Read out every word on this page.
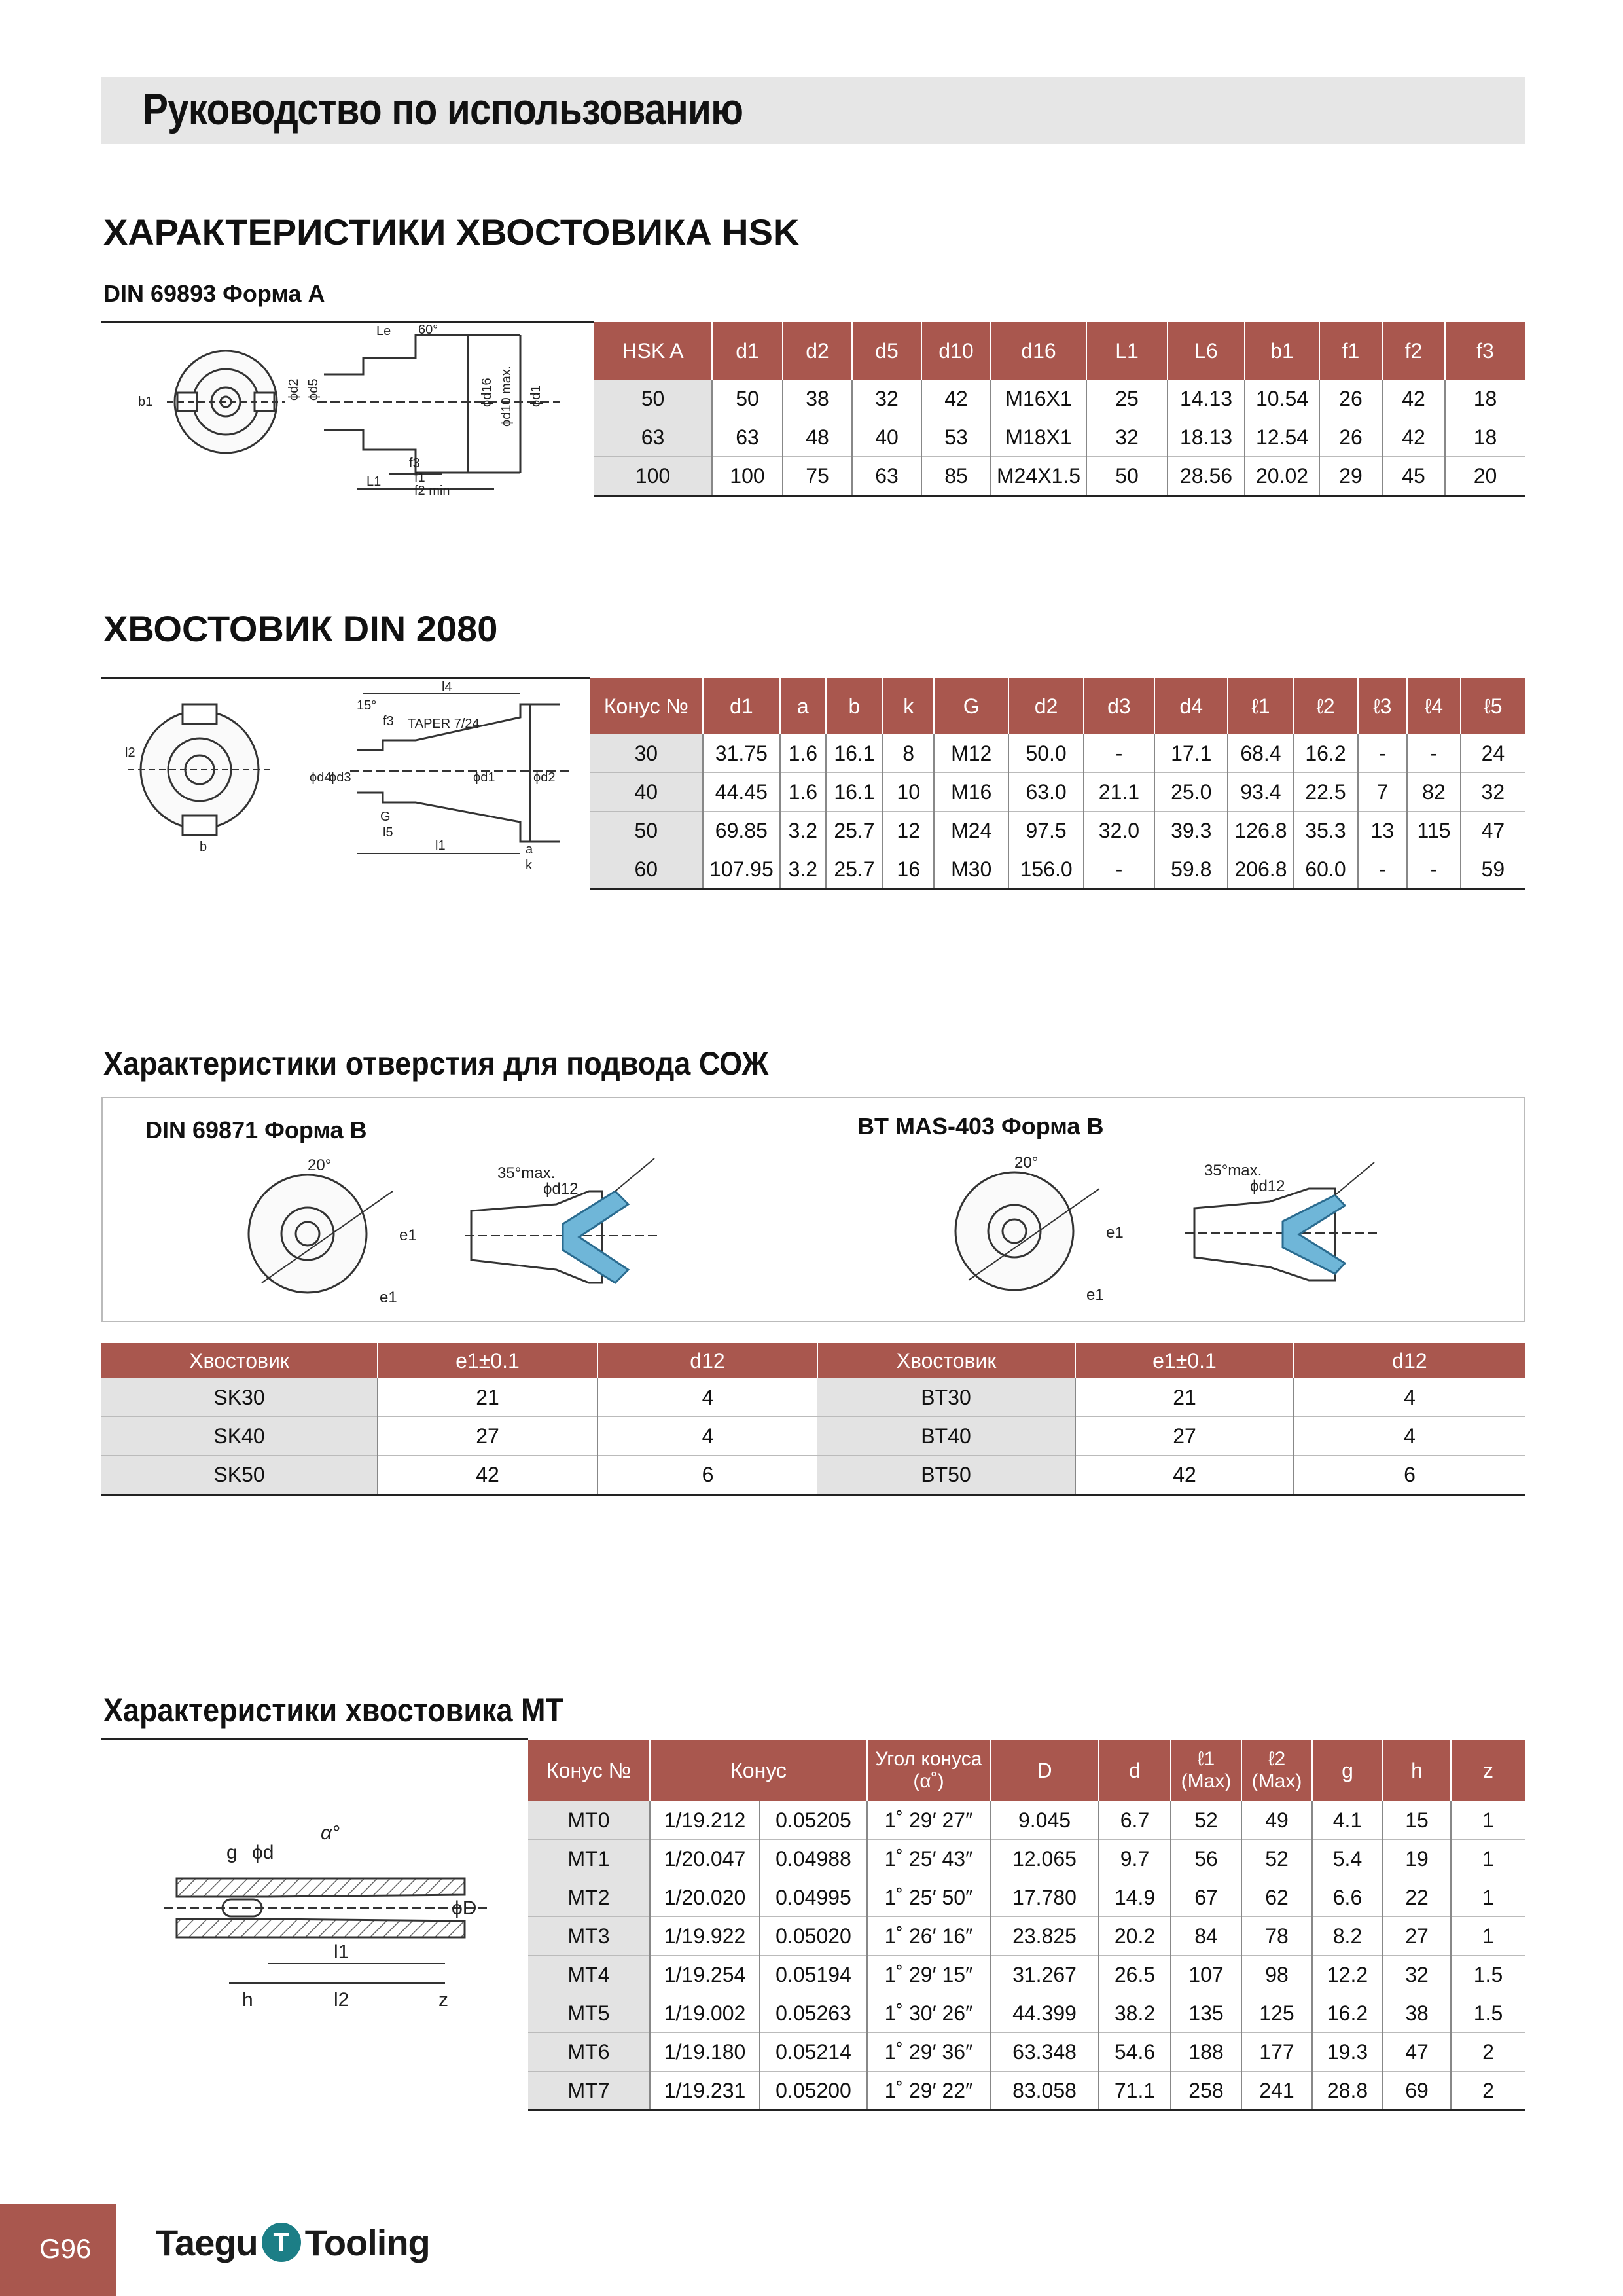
Руководство по использованию
ХАРАКТЕРИСТИКИ ХВОСТОВИКА HSK
DIN 69893 Форма А
b1
ϕd2 ϕd5
Le 60°
ϕd16 ϕd10 max. ϕd1
f3
f1
L1
f2 min
HSK A	d1	d2	d5	d10	d16	L1	L6	b1	f1	f2	f3
50	50	38	32	42	M16X1	25	14.13	10.54	26	42	18
63	63	48	40	53	M18X1	32	18.13	12.54	26	42	18
100	100	75	63	85	M24X1.5	50	28.56	20.02	29	45	20
ХВОСТОВИК DIN 2080
15°
f3
l4
TAPER 7/24
l2
ϕd4
ϕd3	ϕd1	ϕd2
G
l5
l1	a
k
b
Конус №	d1	a	b	k	G	d2	d3	d4	ℓ1	ℓ2	ℓ3	ℓ4	ℓ5
30	31.75	1.6	16.1	8	M12	50.0	-	17.1	68.4	16.2	-	-	24
40	44.45	1.6	16.1	10	M16	63.0	21.1	25.0	93.4	22.5	7	82	32
50	69.85	3.2	25.7	12	M24	97.5	32.0	39.3	126.8	35.3	13	115	47
60	107.95	3.2	25.7	16	M30	156.0	-	59.8	206.8	60.0	-	-	59
Характеристики отверстия для подвода СОЖ
DIN 69871 Форма B	BT MAS-403 Форма B
20°
e1
e1
35°max.
ϕd12
20°
e1
e1
35°max.
ϕd12
Хвостовик	e1±0.1	d12	Хвостовик	e1±0.1	d12
SK30	21	4	BT30	21	4
SK40	27	4	BT40	27	4
SK50	42	6	BT50	42	6
Характеристики хвостовика МТ
g ϕd
α°
ϕD
l1
h	l2	z
Конус №	Конус		Угол конуса (α˚)	D	d	ℓ1 (Max)	ℓ2 (Max)	g	h	z
MT0	1/19.212	0.05205	1˚ 29′ 27″	9.045	6.7	52	49	4.1	15	1
MT1	1/20.047	0.04988	1˚ 25′ 43″	12.065	9.7	56	52	5.4	19	1
MT2	1/20.020	0.04995	1˚ 25′ 50″	17.780	14.9	67	62	6.6	22	1
MT3	1/19.922	0.05020	1˚ 26′ 16″	23.825	20.2	84	78	8.2	27	1
MT4	1/19.254	0.05194	1˚ 29′ 15″	31.267	26.5	107	98	12.2	32	1.5
MT5	1/19.002	0.05263	1˚ 30′ 26″	44.399	38.2	135	125	16.2	38	1.5
MT6	1/19.180	0.05214	1˚ 29′ 36″	63.348	54.6	188	177	19.3	47	2
MT7	1/19.231	0.05200	1˚ 29′ 22″	83.058	71.1	258	241	28.8	69	2
G96 Taegu T Tooling
